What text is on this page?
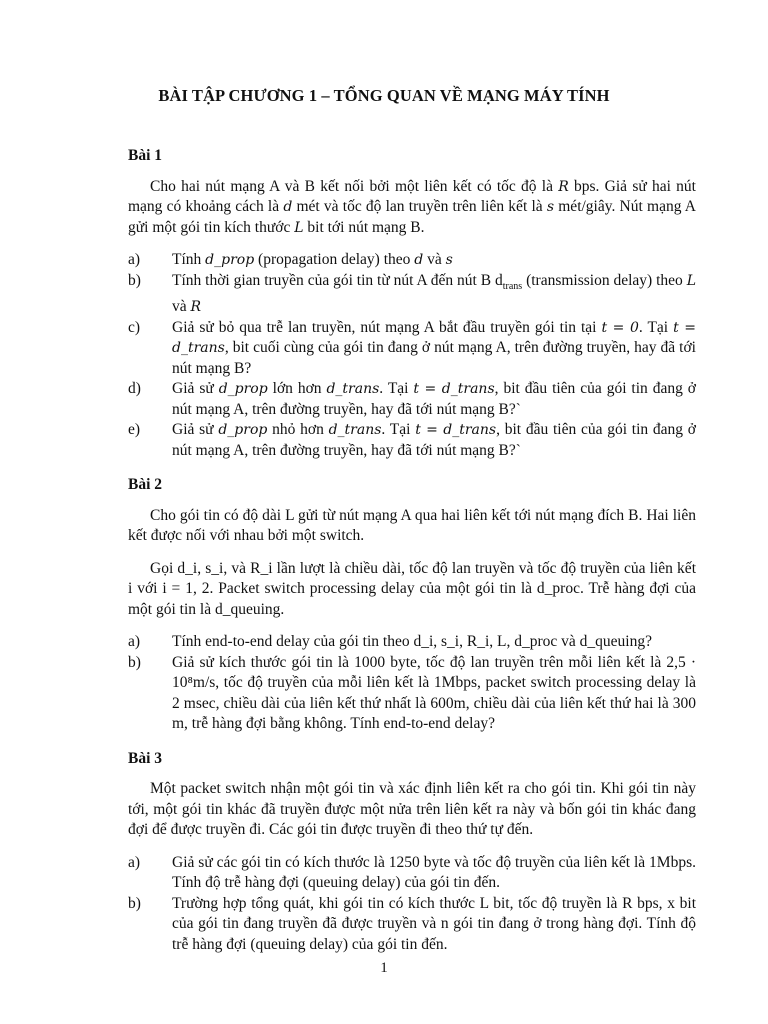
BÀI TẬP CHƯƠNG 1 – TỔNG QUAN VỀ MẠNG MÁY TÍNH
Bài 1

Cho hai nút mạng A và B kết nối bởi một liên kết có tốc độ là R bps. Giả sử hai nút mạng có khoảng cách là d mét và tốc độ lan truyền trên liên kết là s mét/giây. Nút mạng A gửi một gói tin kích thước L bit tới nút mạng B.

a) Tính d_prop (propagation delay) theo d và s
b) Tính thời gian truyền của gói tin từ nút A đến nút B $d_{trans}$ (transmission delay) theo L và R
c) Giả sử bỏ qua trễ lan truyền, nút mạng A bắt đầu truyền gói tin tại t = 0. Tại t = d_trans, bit cuối cùng của gói tin đang ở nút mạng A, trên đường truyền, hay đã tới nút mạng B?
d) Giả sử d_prop lớn hơn d_trans. Tại t = d_trans, bit đầu tiên của gói tin đang ở nút mạng A, trên đường truyền, hay đã tới nút mạng B?`
e) Giả sử d_prop nhỏ hơn d_trans. Tại t = d_trans, bit đầu tiên của gói tin đang ở nút mạng A, trên đường truyền, hay đã tới nút mạng B?`
Bài 2

Cho gói tin có độ dài L gửi từ nút mạng A qua hai liên kết tới nút mạng đích B. Hai liên kết được nối với nhau bởi một switch.

Gọi d_i, s_i, và R_i lần lượt là chiều dài, tốc độ lan truyền và tốc độ truyền của liên kết i với i = 1, 2. Packet switch processing delay của một gói tin là d_proc. Trễ hàng đợi của một gói tin là d_queuing.

a) Tính end-to-end delay của gói tin theo d_i, s_i, R_i, L, d_proc và d_queuing?
b) Giả sử kích thước gói tin là 1000 byte, tốc độ lan truyền trên mỗi liên kết là 2,5 · 10⁸m/s, tốc độ truyền của mỗi liên kết là 1Mbps, packet switch processing delay là 2 msec, chiều dài của liên kết thứ nhất là 600m, chiều dài của liên kết thứ hai là 300 m, trễ hàng đợi bằng không. Tính end-to-end delay?
Bài 3

Một packet switch nhận một gói tin và xác định liên kết ra cho gói tin. Khi gói tin này tới, một gói tin khác đã truyền được một nửa trên liên kết ra này và bốn gói tin khác đang đợi để được truyền đi. Các gói tin được truyền đi theo thứ tự đến.

a) Giả sử các gói tin có kích thước là 1250 byte và tốc độ truyền của liên kết là 1Mbps. Tính độ trễ hàng đợi (queuing delay) của gói tin đến.
b) Trường hợp tổng quát, khi gói tin có kích thước L bit, tốc độ truyền là R bps, x bit của gói tin đang truyền đã được truyền và n gói tin đang ở trong hàng đợi. Tính độ trễ hàng đợi (queuing delay) của gói tin đến.
1
